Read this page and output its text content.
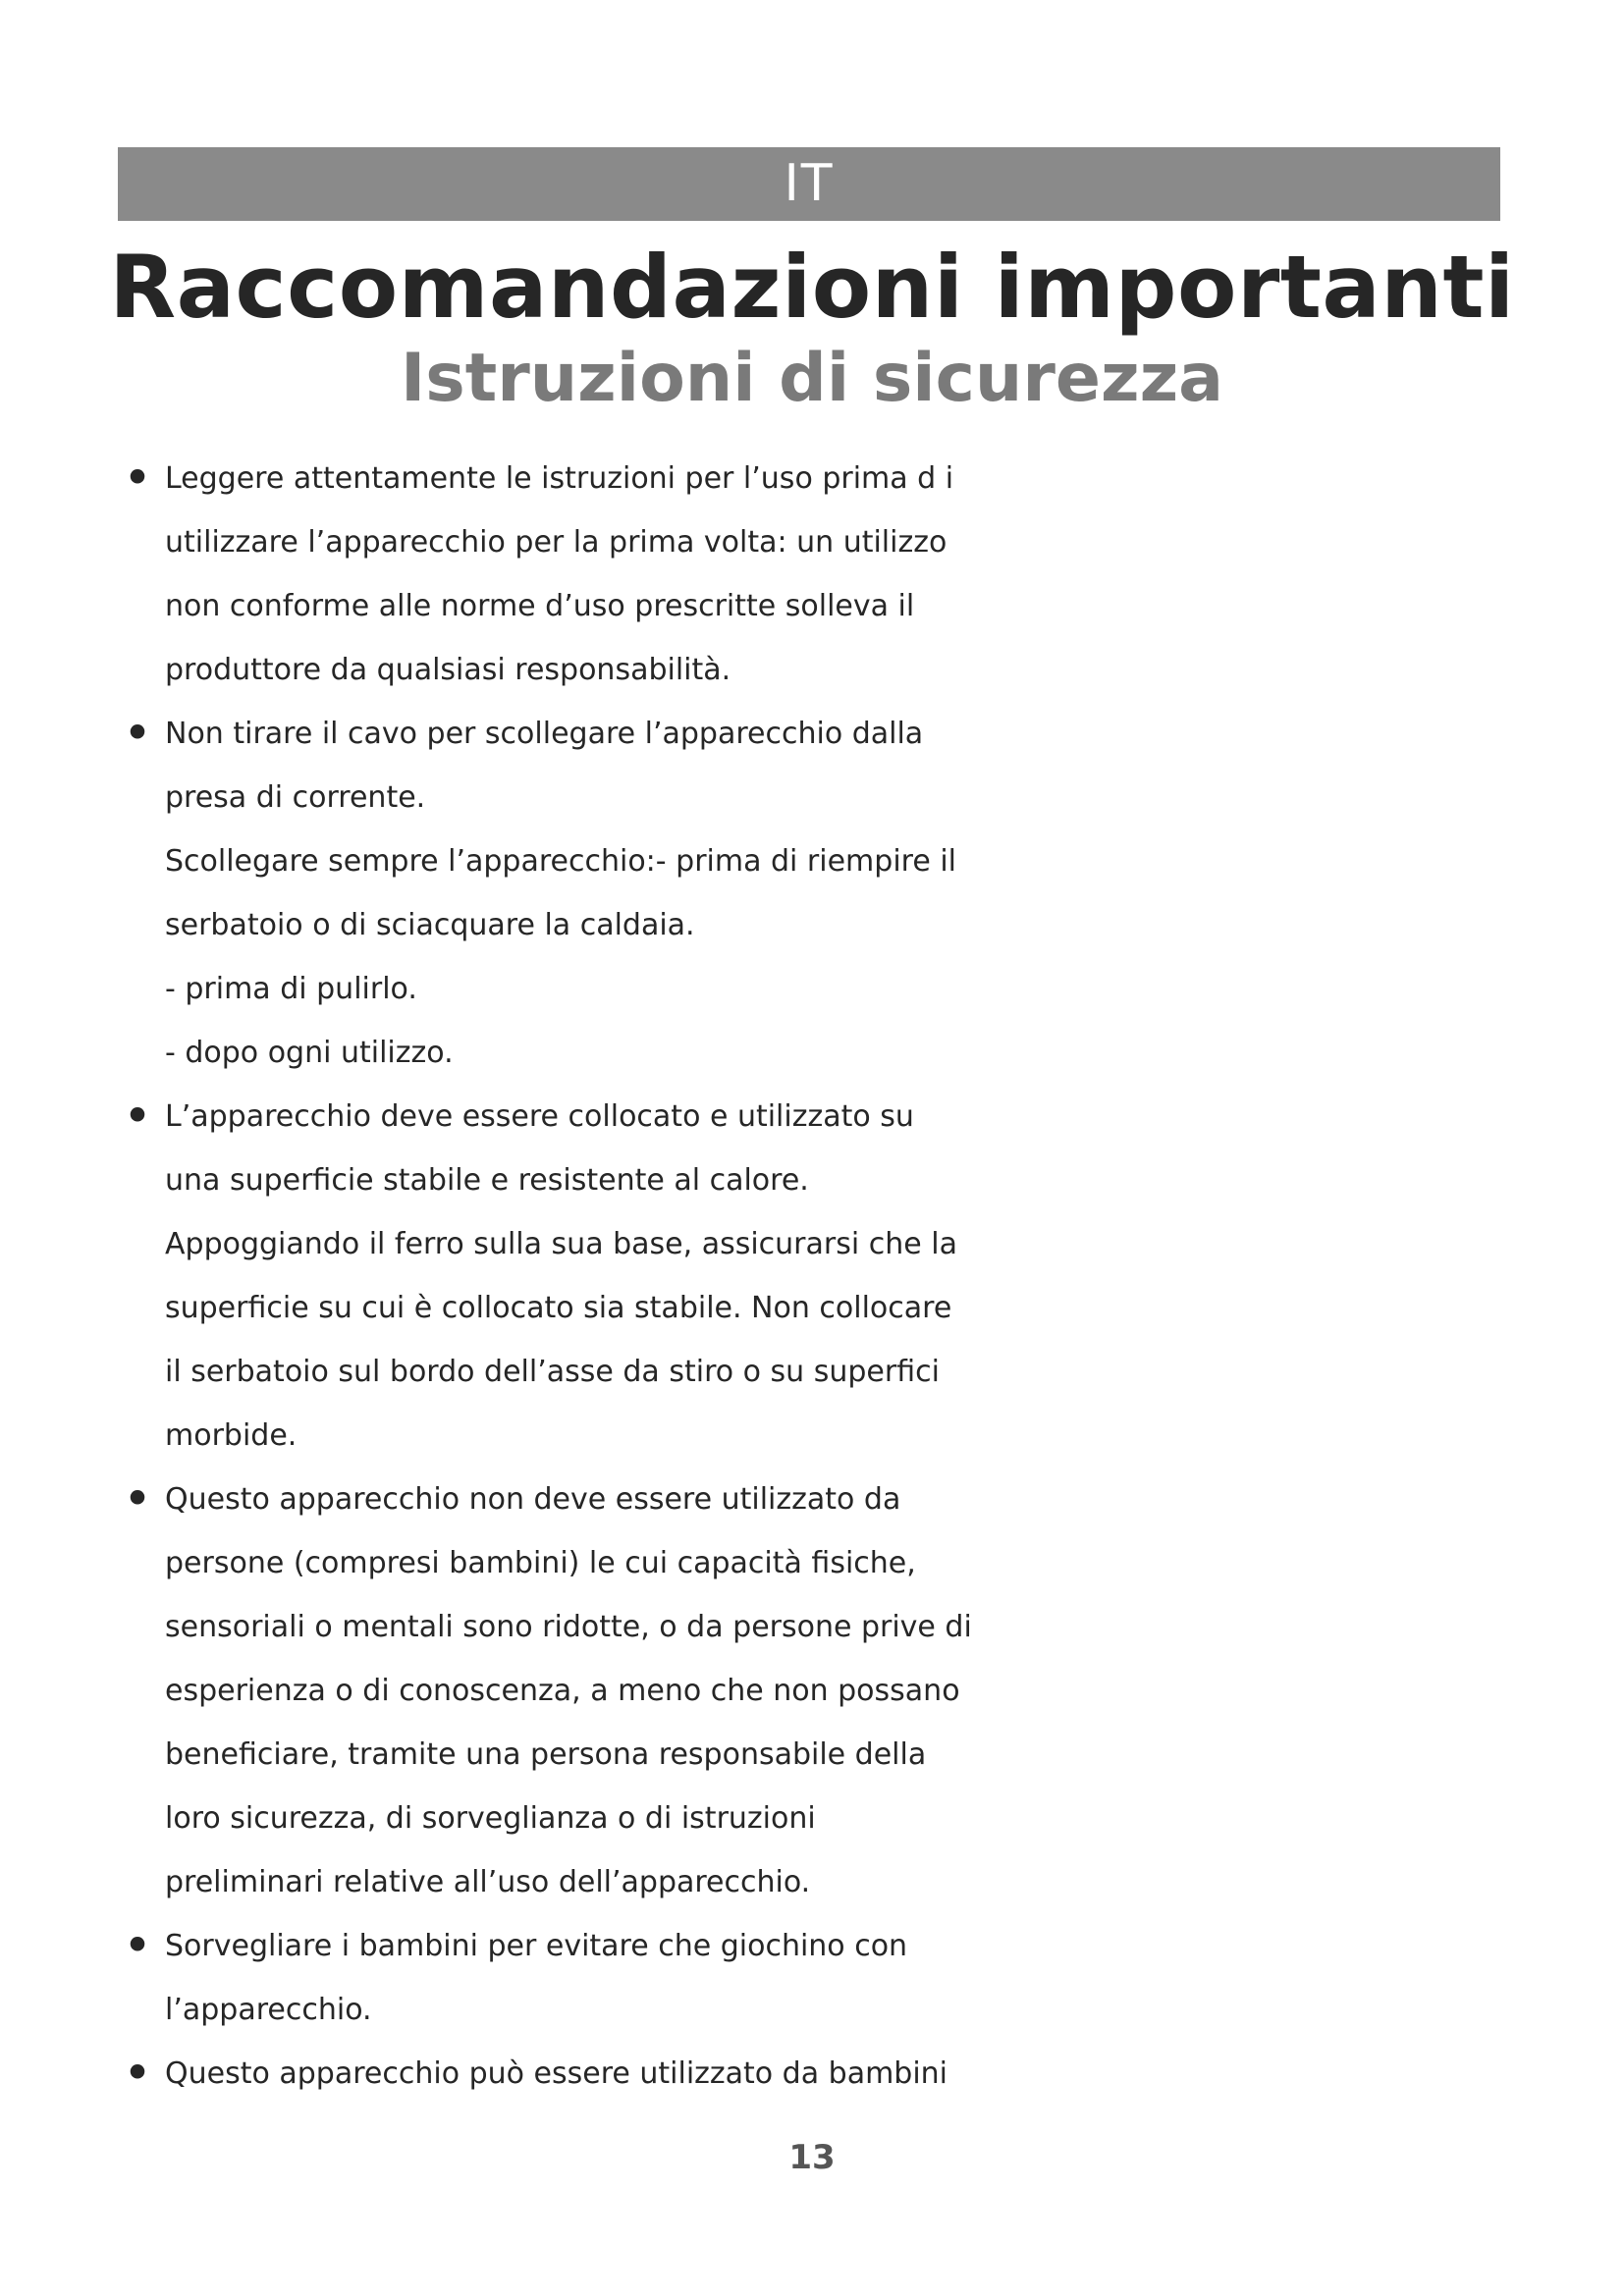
IT
Raccomandazioni importanti
Istruzioni di sicurezza
• Leggere attentamente le istruzioni per l’uso prima d i
utilizzare l’apparecchio per la prima volta: un utilizzo
non conforme alle norme d’uso prescritte solleva il
produttore da qualsiasi responsabilità.
• Non tirare il cavo per scollegare l’apparecchio dalla
presa di corrente.
Scollegare sempre l’apparecchio:- prima di riempire il
serbatoio o di sciacquare la caldaia.
- prima di pulirlo.
- dopo ogni utilizzo.
• L’apparecchio deve essere collocato e utilizzato su
una superficie stabile e resistente al calore.
Appoggiando il ferro sulla sua base, assicurarsi che la
superficie su cui è collocato sia stabile. Non collocare
il serbatoio sul bordo dell’asse da stiro o su superfici
morbide.
• Questo apparecchio non deve essere utilizzato da
persone (compresi bambini) le cui capacità fisiche,
sensoriali o mentali sono ridotte, o da persone prive di
esperienza o di conoscenza, a meno che non possano
beneficiare, tramite una persona responsabile della
loro sicurezza, di sorveglianza o di istruzioni
preliminari relative all’uso dell’apparecchio.
• Sorvegliare i bambini per evitare che giochino con
l’apparecchio.
• Questo apparecchio può essere utilizzato da bambini
13
